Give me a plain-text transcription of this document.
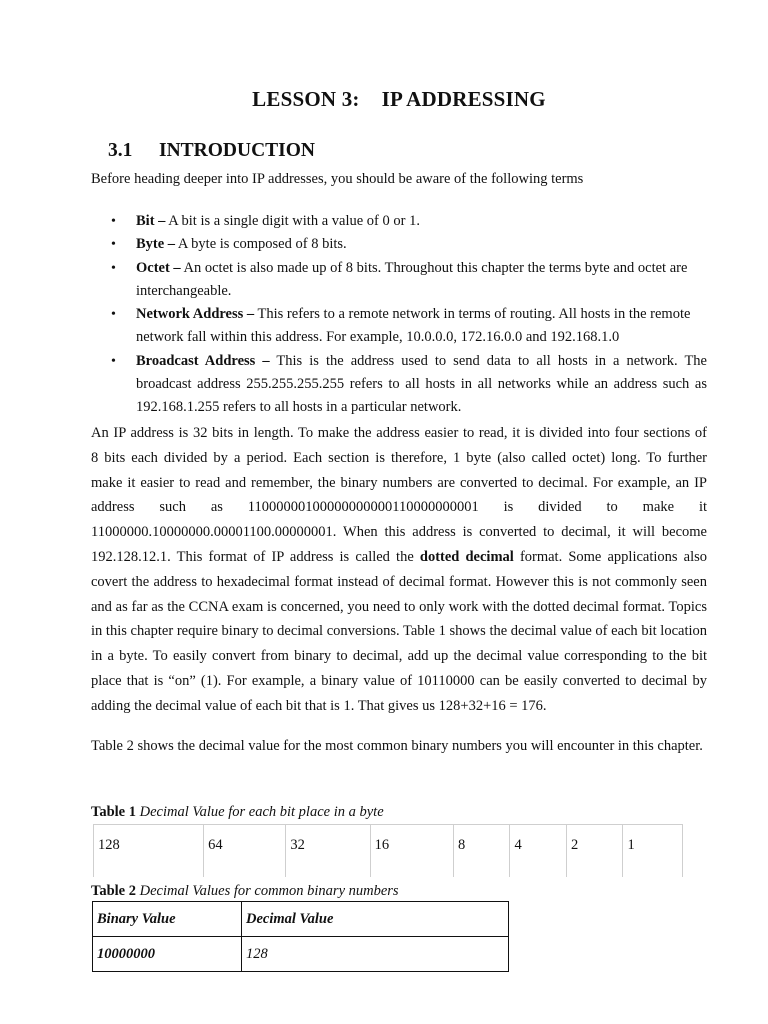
LESSON 3: IP ADDRESSING
3.1 INTRODUCTION
Before heading deeper into IP addresses, you should be aware of the following terms
• Bit – A bit is a single digit with a value of 0 or 1.
• Byte – A byte is composed of 8 bits.
• Octet – An octet is also made up of 8 bits. Throughout this chapter the terms byte and octet are interchangeable.
• Network Address – This refers to a remote network in terms of routing. All hosts in the remote network fall within this address. For example, 10.0.0.0, 172.16.0.0 and 192.168.1.0
• Broadcast Address – This is the address used to send data to all hosts in a network. The broadcast address 255.255.255.255 refers to all hosts in all networks while an address such as 192.168.1.255 refers to all hosts in a particular network.
An IP address is 32 bits in length. To make the address easier to read, it is divided into four sections of
8 bits each divided by a period. Each section is therefore, 1 byte (also called octet) long. To further
make it easier to read and remember, the binary numbers are converted to decimal. For example, an IP
address such as 11000000100000000000110000000001 is divided to make it
11000000.10000000.00001100.00000001. When this address is converted to decimal, it will become
192.128.12.1. This format of IP address is called the dotted decimal format. Some applications also covert the address to hexadecimal format instead of decimal format. However this is not commonly seen and as far as the CCNA exam is concerned, you need to only work with the dotted decimal format. Topics in this chapter require binary to decimal conversions. Table 1 shows the decimal value of each bit location in a byte. To easily convert from binary to decimal, add up the decimal value corresponding to the bit place that is “on” (1). For example, a binary value of 10110000 can be easily converted to decimal by adding the decimal value of each bit that is 1. That gives us 128+32+16 = 176.
Table 2 shows the decimal value for the most common binary numbers you will encounter in this chapter.
Table 1 Decimal Value for each bit place in a byte
128	64	32	16	8	4	2	1
Table 2 Decimal Values for common binary numbers
Binary Value	Decimal Value
10000000	128
